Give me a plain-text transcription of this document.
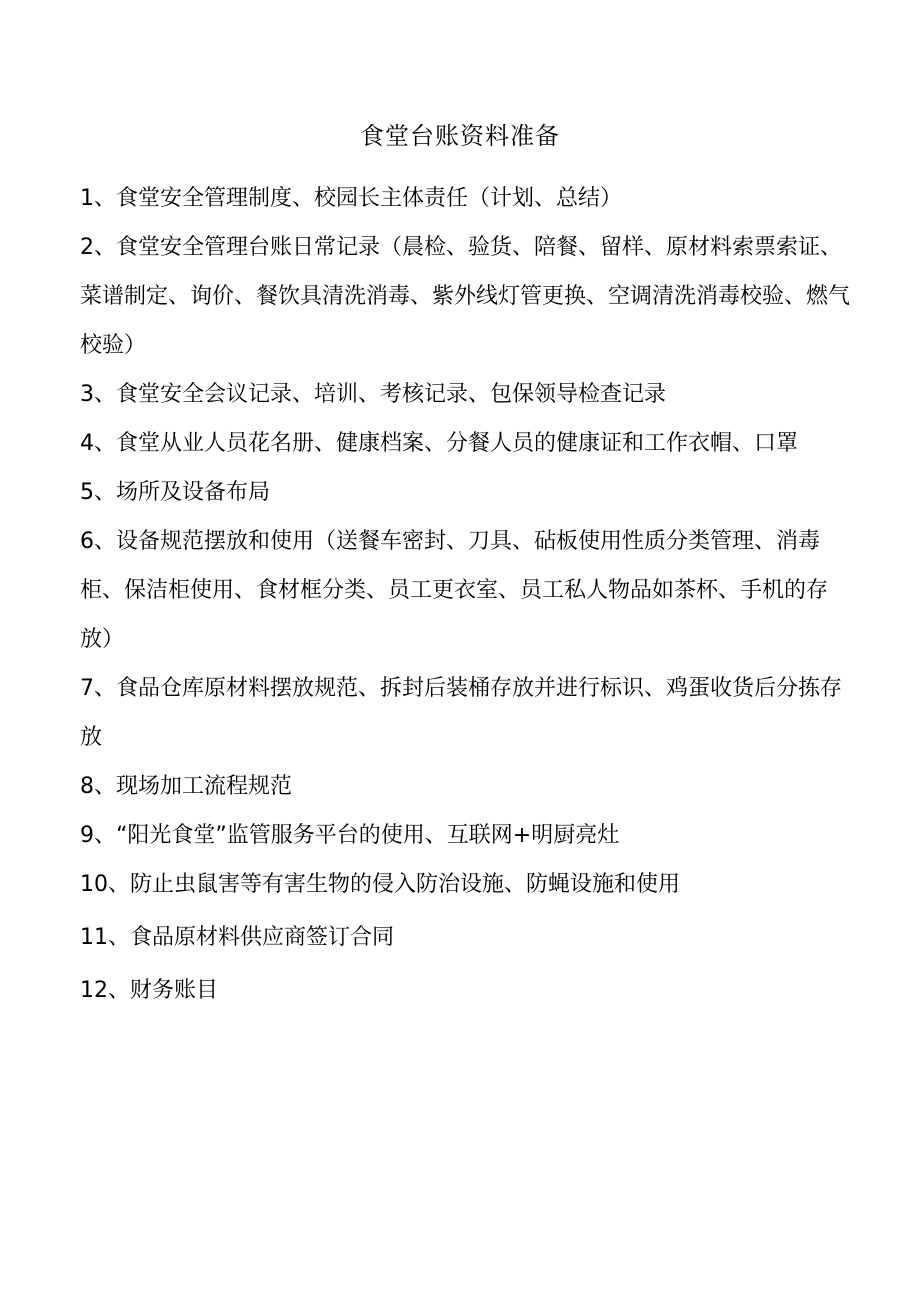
食堂台账资料准备
1、食堂安全管理制度、校园长主体责任（计划、总结）
2、食堂安全管理台账日常记录（晨检、验货、陪餐、留样、原材料索票索证、菜谱制定、询价、餐饮具清洗消毒、紫外线灯管更换、空调清洗消毒校验、燃气校验）
3、食堂安全会议记录、培训、考核记录、包保领导检查记录
4、食堂从业人员花名册、健康档案、分餐人员的健康证和工作衣帽、口罩
5、场所及设备布局
6、设备规范摆放和使用（送餐车密封、刀具、砧板使用性质分类管理、消毒柜、保洁柜使用、食材框分类、员工更衣室、员工私人物品如茶杯、手机的存放）
7、食品仓库原材料摆放规范、拆封后装桶存放并进行标识、鸡蛋收货后分拣存放
8、现场加工流程规范
9、“阳光食堂”监管服务平台的使用、互联网+明厨亮灶
10、防止虫鼠害等有害生物的侵入防治设施、防蝇设施和使用
11、食品原材料供应商签订合同
12、财务账目
